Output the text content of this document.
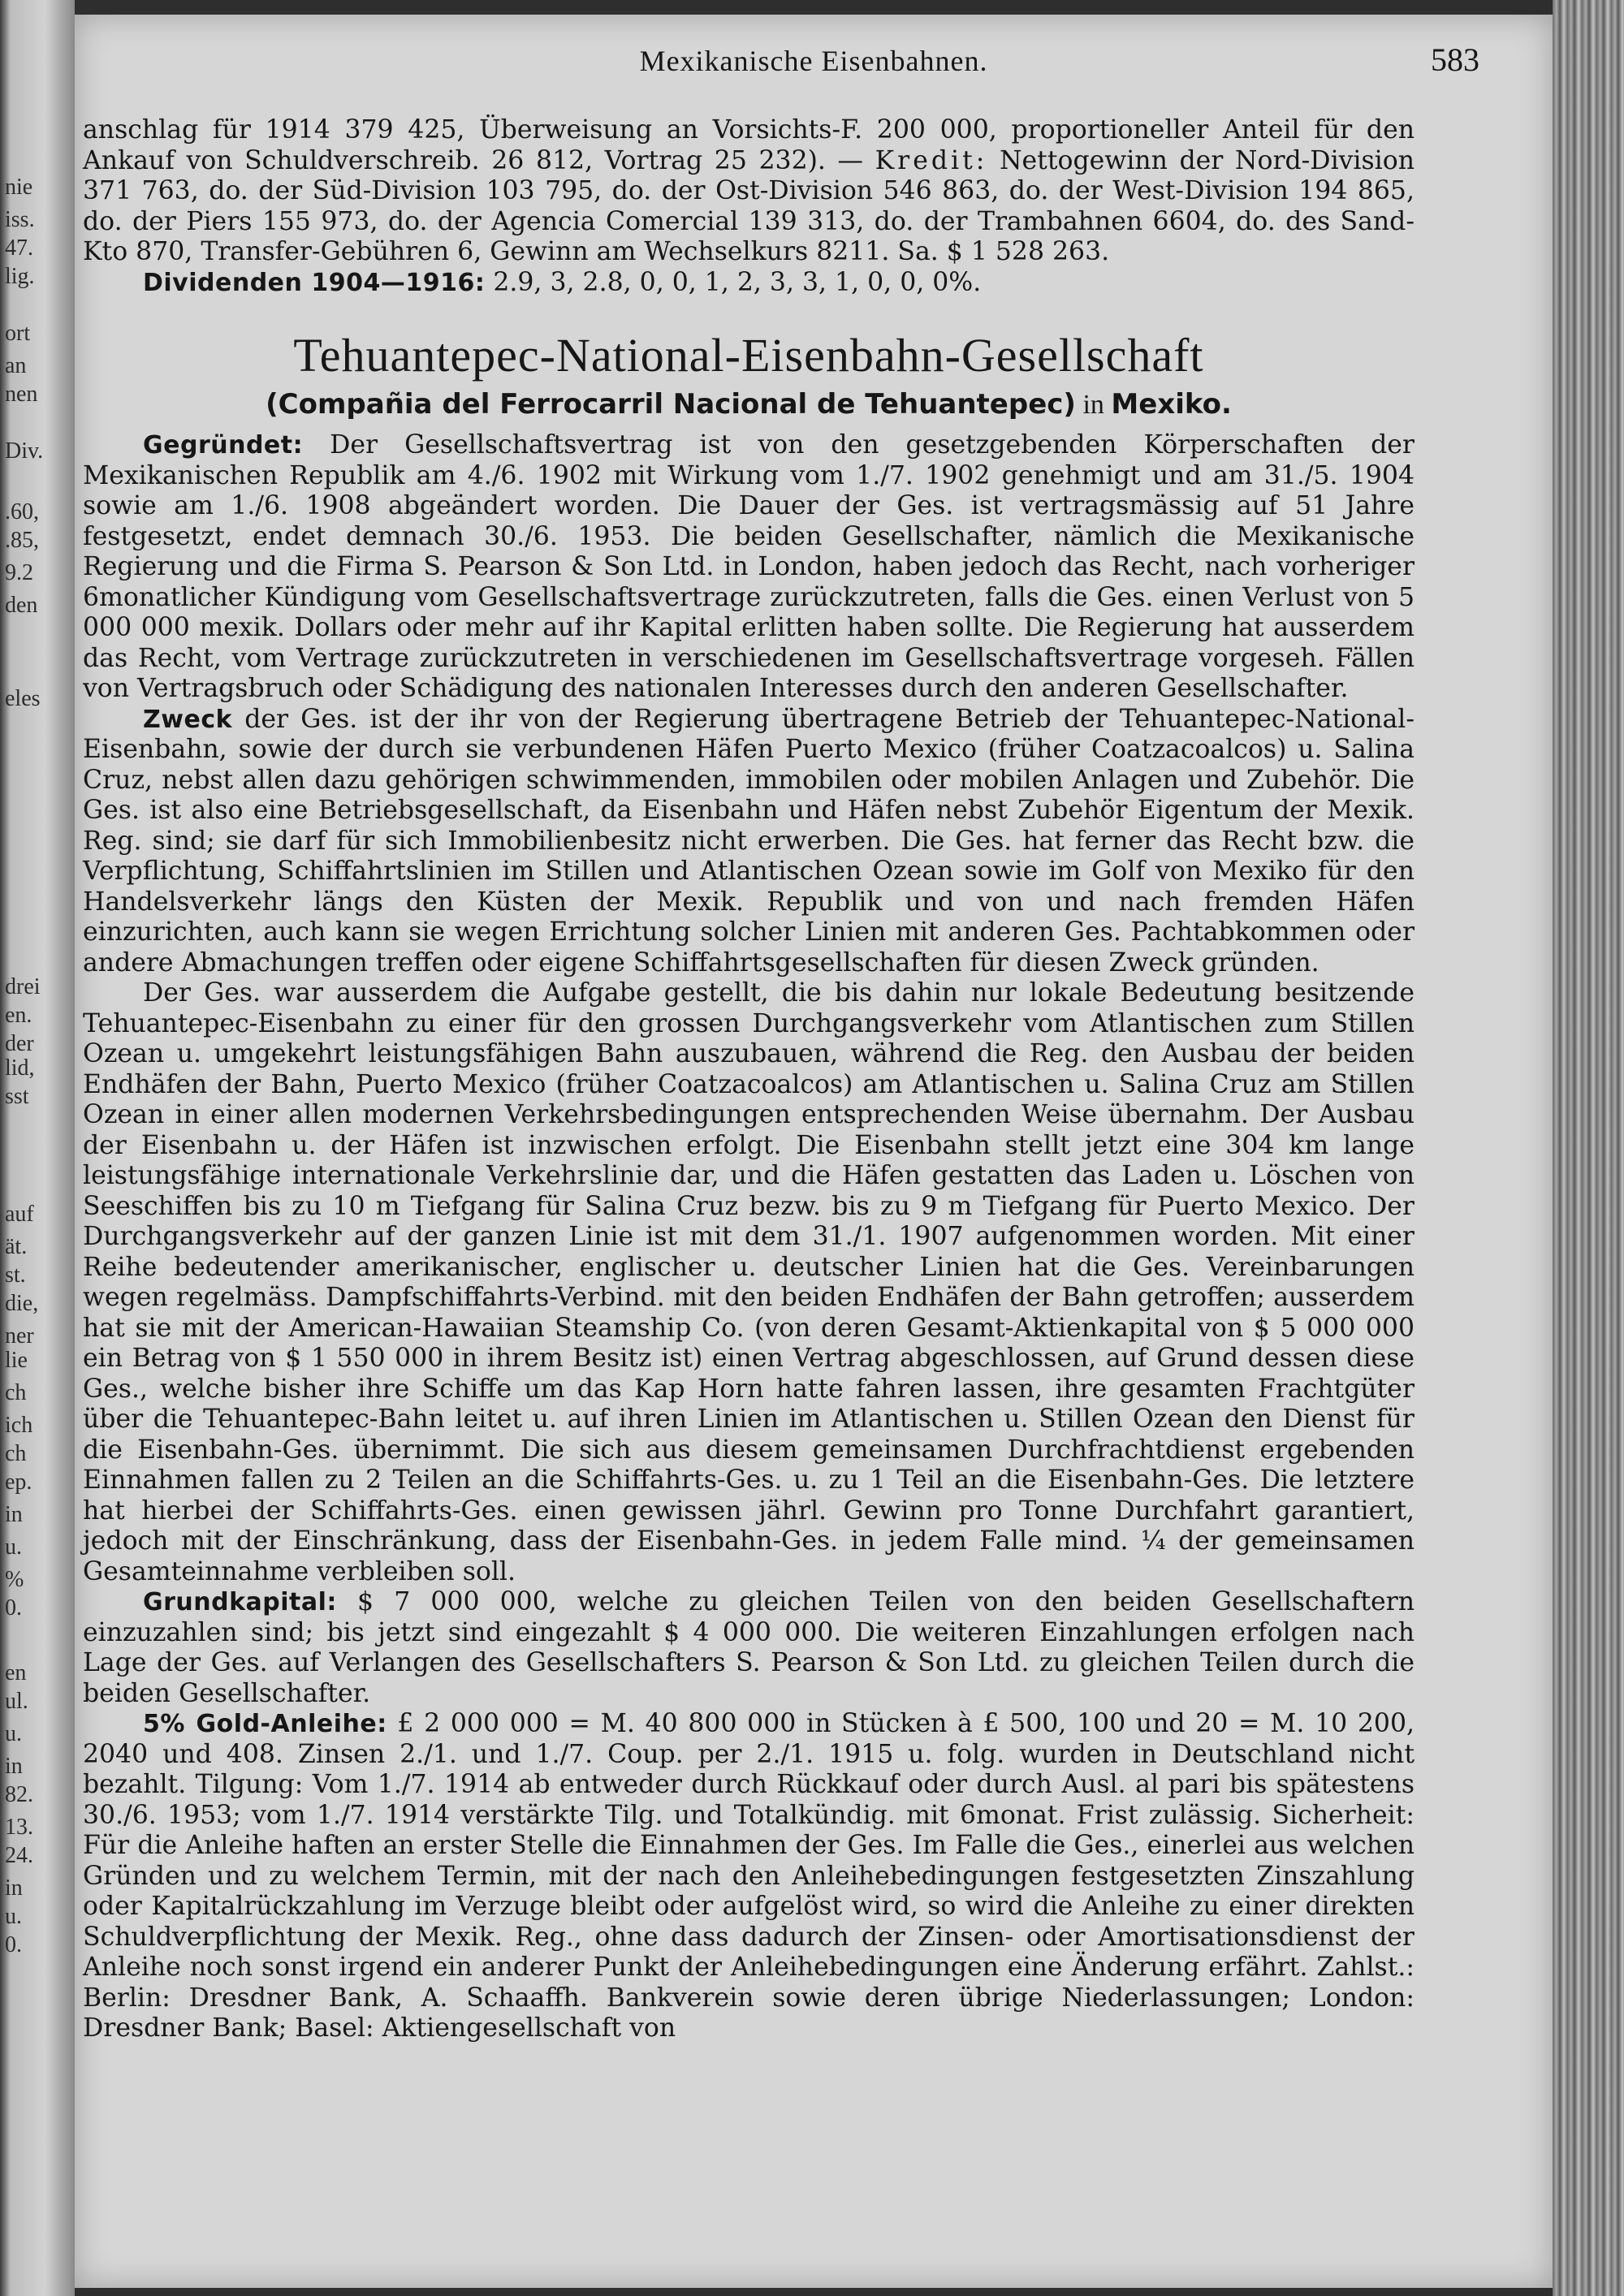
nie
iss.
47.
lig.
ort
an
nen
Div.
.60,
.85,
9.2
den
eles
drei
en.
der
lid,
sst
auf
ät.
st.
die,
ner
lie
ch
ich
ch
ep.
in
u.
%
0.
en
ul.
u.
in
82.
13.
24.
in
u.
0.
Mexikanische Eisenbahnen.	583

anschlag für 1914 379 425, Überweisung an Vorsichts-F. 200 000, proportioneller Anteil für den Ankauf von Schuldverschreib. 26 812, Vortrag 25 232). — Kredit: Nettogewinn der Nord-Division 371 763, do. der Süd-Division 103 795, do. der Ost-Division 546 863, do. der West-Division 194 865, do. der Piers 155 973, do. der Agencia Comercial 139 313, do. der Trambahnen 6604, do. des Sand-Kto 870, Transfer-Gebühren 6, Gewinn am Wechselkurs 8211. Sa. $ 1 528 263.

Dividenden 1904—1916: 2.9, 3, 2.8, 0, 0, 1, 2, 3, 3, 1, 0, 0, 0%.

Tehuantepec-National-Eisenbahn-Gesellschaft
(Compañia del Ferrocarril Nacional de Tehuantepec) in Mexiko.

Gegründet: Der Gesellschaftsvertrag ist von den gesetzgebenden Körperschaften der Mexikanischen Republik am 4./6. 1902 mit Wirkung vom 1./7. 1902 genehmigt und am 31./5. 1904 sowie am 1./6. 1908 abgeändert worden. Die Dauer der Ges. ist vertragsmässig auf 51 Jahre festgesetzt, endet demnach 30./6. 1953. Die beiden Gesellschafter, nämlich die Mexikanische Regierung und die Firma S. Pearson & Son Ltd. in London, haben jedoch das Recht, nach vorheriger 6monatlicher Kündigung vom Gesellschaftsvertrage zurückzutreten, falls die Ges. einen Verlust von 5 000 000 mexik. Dollars oder mehr auf ihr Kapital erlitten haben sollte. Die Regierung hat ausserdem das Recht, vom Vertrage zurückzutreten in verschiedenen im Gesellschaftsvertrage vorgeseh. Fällen von Vertragsbruch oder Schädigung des nationalen Interesses durch den anderen Gesellschafter.

Zweck der Ges. ist der ihr von der Regierung übertragene Betrieb der Tehuantepec-National-Eisenbahn, sowie der durch sie verbundenen Häfen Puerto Mexico (früher Coatzacoalcos) u. Salina Cruz, nebst allen dazu gehörigen schwimmenden, immobilen oder mobilen Anlagen und Zubehör. Die Ges. ist also eine Betriebsgesellschaft, da Eisenbahn und Häfen nebst Zubehör Eigentum der Mexik. Reg. sind; sie darf für sich Immobilienbesitz nicht erwerben. Die Ges. hat ferner das Recht bzw. die Verpflichtung, Schiffahrtslinien im Stillen und Atlantischen Ozean sowie im Golf von Mexiko für den Handelsverkehr längs den Küsten der Mexik. Republik und von und nach fremden Häfen einzurichten, auch kann sie wegen Errichtung solcher Linien mit anderen Ges. Pachtabkommen oder andere Abmachungen treffen oder eigene Schiffahrtsgesellschaften für diesen Zweck gründen.

Der Ges. war ausserdem die Aufgabe gestellt, die bis dahin nur lokale Bedeutung besitzende Tehuantepec-Eisenbahn zu einer für den grossen Durchgangsverkehr vom Atlantischen zum Stillen Ozean u. umgekehrt leistungsfähigen Bahn auszubauen, während die Reg. den Ausbau der beiden Endhäfen der Bahn, Puerto Mexico (früher Coatzacoalcos) am Atlantischen u. Salina Cruz am Stillen Ozean in einer allen modernen Verkehrsbedingungen entsprechenden Weise übernahm. Der Ausbau der Eisenbahn u. der Häfen ist inzwischen erfolgt. Die Eisenbahn stellt jetzt eine 304 km lange leistungsfähige internationale Verkehrslinie dar, und die Häfen gestatten das Laden u. Löschen von Seeschiffen bis zu 10 m Tiefgang für Salina Cruz bezw. bis zu 9 m Tiefgang für Puerto Mexico. Der Durchgangsverkehr auf der ganzen Linie ist mit dem 31./1. 1907 aufgenommen worden. Mit einer Reihe bedeutender amerikanischer, englischer u. deutscher Linien hat die Ges. Vereinbarungen wegen regelmäss. Dampfschiffahrts-Verbind. mit den beiden Endhäfen der Bahn getroffen; ausserdem hat sie mit der American-Hawaiian Steamship Co. (von deren Gesamt-Aktienkapital von $ 5 000 000 ein Betrag von $ 1 550 000 in ihrem Besitz ist) einen Vertrag abgeschlossen, auf Grund dessen diese Ges., welche bisher ihre Schiffe um das Kap Horn hatte fahren lassen, ihre gesamten Frachtgüter über die Tehuantepec-Bahn leitet u. auf ihren Linien im Atlantischen u. Stillen Ozean den Dienst für die Eisenbahn-Ges. übernimmt. Die sich aus diesem gemeinsamen Durchfrachtdienst ergebenden Einnahmen fallen zu 2 Teilen an die Schiffahrts-Ges. u. zu 1 Teil an die Eisenbahn-Ges. Die letztere hat hierbei der Schiffahrts-Ges. einen gewissen jährl. Gewinn pro Tonne Durchfahrt garantiert, jedoch mit der Einschränkung, dass der Eisenbahn-Ges. in jedem Falle mind. ¼ der gemeinsamen Gesamteinnahme verbleiben soll.

Grundkapital: $ 7 000 000, welche zu gleichen Teilen von den beiden Gesellschaftern einzuzahlen sind; bis jetzt sind eingezahlt $ 4 000 000. Die weiteren Einzahlungen erfolgen nach Lage der Ges. auf Verlangen des Gesellschafters S. Pearson & Son Ltd. zu gleichen Teilen durch die beiden Gesellschafter.

5% Gold-Anleihe: £ 2 000 000 = M. 40 800 000 in Stücken à £ 500, 100 und 20 = M. 10 200, 2040 und 408. Zinsen 2./1. und 1./7. Coup. per 2./1. 1915 u. folg. wurden in Deutschland nicht bezahlt. Tilgung: Vom 1./7. 1914 ab entweder durch Rückkauf oder durch Ausl. al pari bis spätestens 30./6. 1953; vom 1./7. 1914 verstärkte Tilg. und Totalkündig. mit 6monat. Frist zulässig. Sicherheit: Für die Anleihe haften an erster Stelle die Einnahmen der Ges. Im Falle die Ges., einerlei aus welchen Gründen und zu welchem Termin, mit der nach den Anleihebedingungen festgesetzten Zinszahlung oder Kapitalrückzahlung im Verzuge bleibt oder aufgelöst wird, so wird die Anleihe zu einer direkten Schuldverpflichtung der Mexik. Reg., ohne dass dadurch der Zinsen- oder Amortisationsdienst der Anleihe noch sonst irgend ein anderer Punkt der Anleihebedingungen eine Änderung erfährt. Zahlst.: Berlin: Dresdner Bank, A. Schaaffh. Bankverein sowie deren übrige Niederlassungen; London: Dresdner Bank; Basel: Aktiengesellschaft von
